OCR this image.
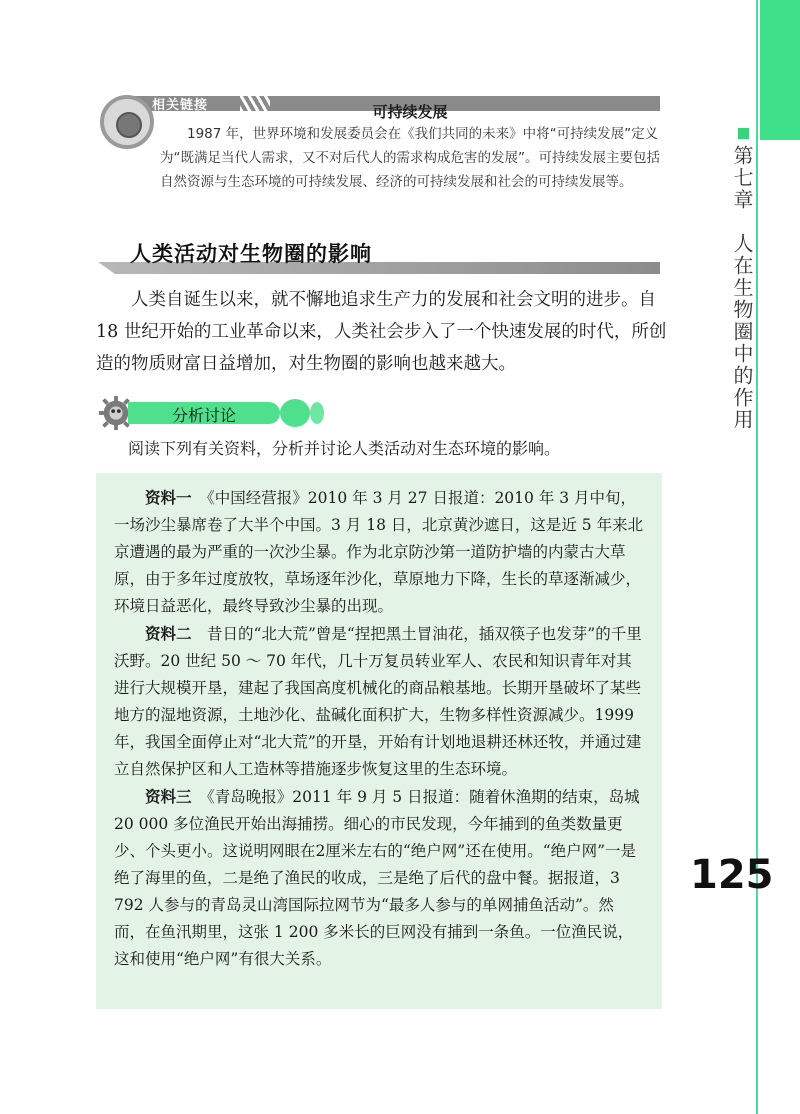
第七章　人在生物圈中的作用
125
相关链接	可持续发展
1987 年，世界环境和发展委员会在《我们共同的未来》中将“可持续发展”定义为“既满足当代人需求，又不对后代人的需求构成危害的发展”。可持续发展主要包括自然资源与生态环境的可持续发展、经济的可持续发展和社会的可持续发展等。
人类活动对生物圈的影响
人类自诞生以来，就不懈地追求生产力的发展和社会文明的进步。自 18 世纪开始的工业革命以来，人类社会步入了一个快速发展的时代，所创造的物质财富日益增加，对生物圈的影响也越来越大。
分析讨论
阅读下列有关资料，分析并讨论人类活动对生态环境的影响。

资料一　 《中国经营报》2010 年 3 月 27 日报道：2010 年 3 月中旬，一场沙尘暴席卷了大半个中国。3 月 18 日，北京黄沙遮日，这是近 5 年来北京遭遇的最为严重的一次沙尘暴。作为北京防沙第一道防护墙的内蒙古大草原，由于多年过度放牧，草场逐年沙化，草原地力下降，生长的草逐渐减少，环境日益恶化，最终导致沙尘暴的出现。

资料二　 昔日的“北大荒”曾是“捏把黑土冒油花，插双筷子也发芽”的千里沃野。20 世纪 50 ～ 70 年代，几十万复员转业军人、农民和知识青年对其进行大规模开垦，建起了我国高度机械化的商品粮基地。长期开垦破坏了某些地方的湿地资源，土地沙化、盐碱化面积扩大，生物多样性资源减少。1999 年，我国全面停止对“北大荒”的开垦，开始有计划地退耕还林还牧，并通过建立自然保护区和人工造林等措施逐步恢复这里的生态环境。

资料三　 《青岛晚报》2011 年 9 月 5 日报道：随着休渔期的结束，岛城 20 000 多位渔民开始出海捕捞。细心的市民发现，今年捕到的鱼类数量更少、个头更小。这说明网眼在2厘米左右的“绝户网”还在使用。“绝户网”一是绝了海里的鱼，二是绝了渔民的收成，三是绝了后代的盘中餐。据报道，3 792 人参与的青岛灵山湾国际拉网节为“最多人参与的单网捕鱼活动”。然而，在鱼汛期里，这张 1 200 多米长的巨网没有捕到一条鱼。一位渔民说，这和使用“绝户网”有很大关系。
